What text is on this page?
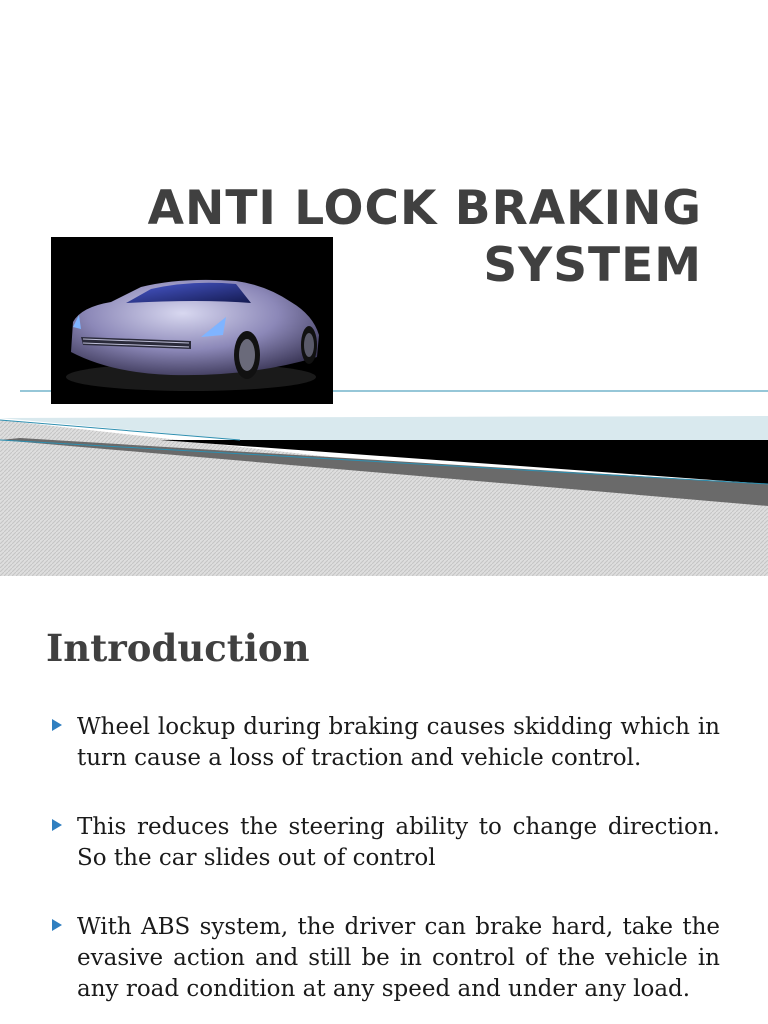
ANTI LOCK BRAKING
SYSTEM
Introduction
Wheel lockup during braking causes skidding which in turn cause a loss of traction and vehicle control.
This reduces the steering ability to change direction. So the car slides out of control
With ABS system, the driver can brake hard, take the evasive action and still be in control of the vehicle in any road condition at any speed and under any load.
